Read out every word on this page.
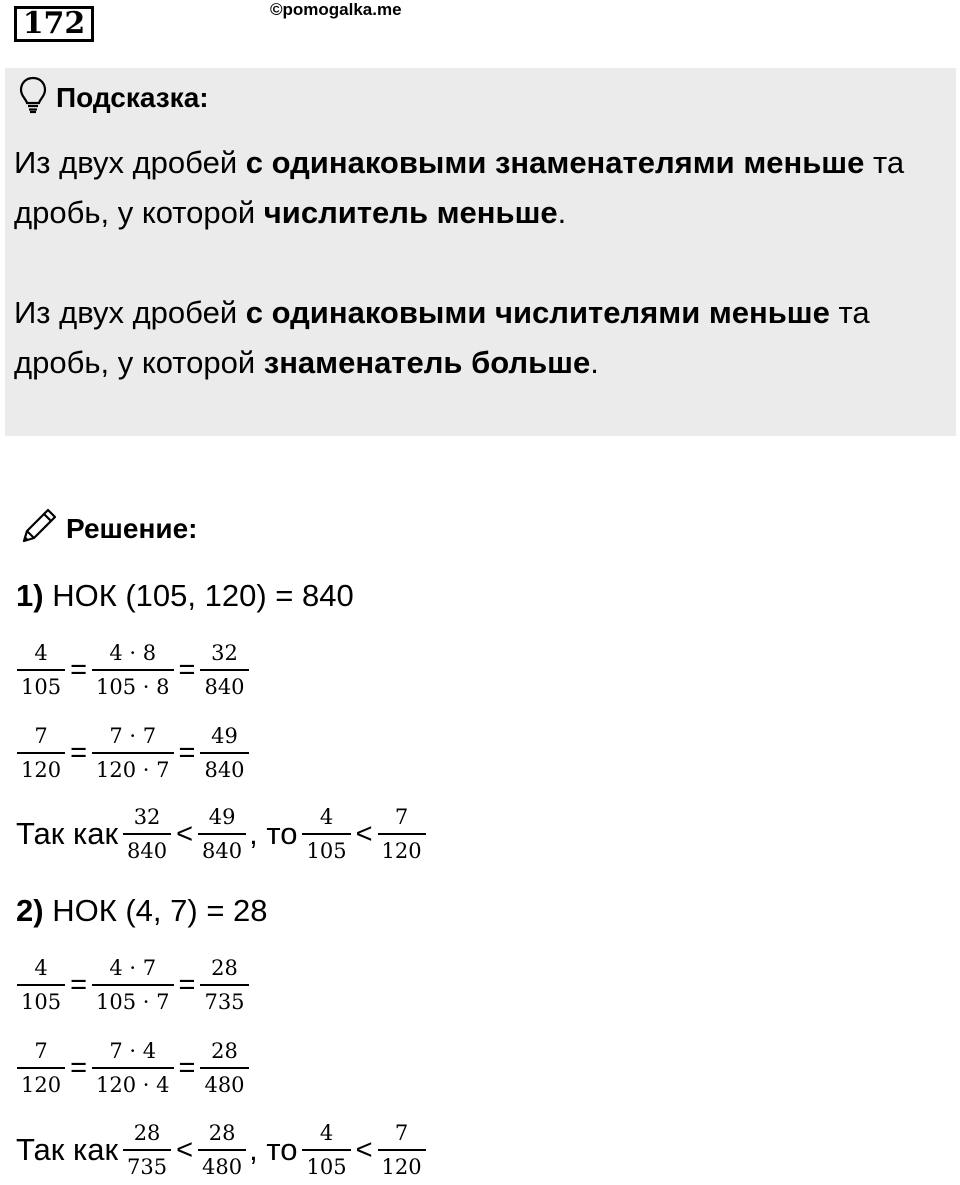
172	©pomogalka.me
Подсказка:
Из двух дробей с одинаковыми знаменателями меньше та
дробь, у которой числитель меньше.
Из двух дробей с одинаковыми числителями меньше та
дробь, у которой знаменатель больше.
Решение:
1) НОК (105, 120) = 840
$\frac{4}{105} = \frac{4 \cdot 8}{105 \cdot 8} = \frac{32}{840}$
$\frac{7}{120} = \frac{7 \cdot 7}{120 \cdot 7} = \frac{49}{840}$
Так как $\frac{32}{840} < \frac{49}{840}$ , то $\frac{4}{105} < \frac{7}{120}$
2) НОК (4, 7) = 28
$\frac{4}{105} = \frac{4 \cdot 7}{105 \cdot 7} = \frac{28}{735}$
$\frac{7}{120} = \frac{7 \cdot 4}{120 \cdot 4} = \frac{28}{480}$
Так как $\frac{28}{735} < \frac{28}{480}$ , то $\frac{4}{105} < \frac{7}{120}$
